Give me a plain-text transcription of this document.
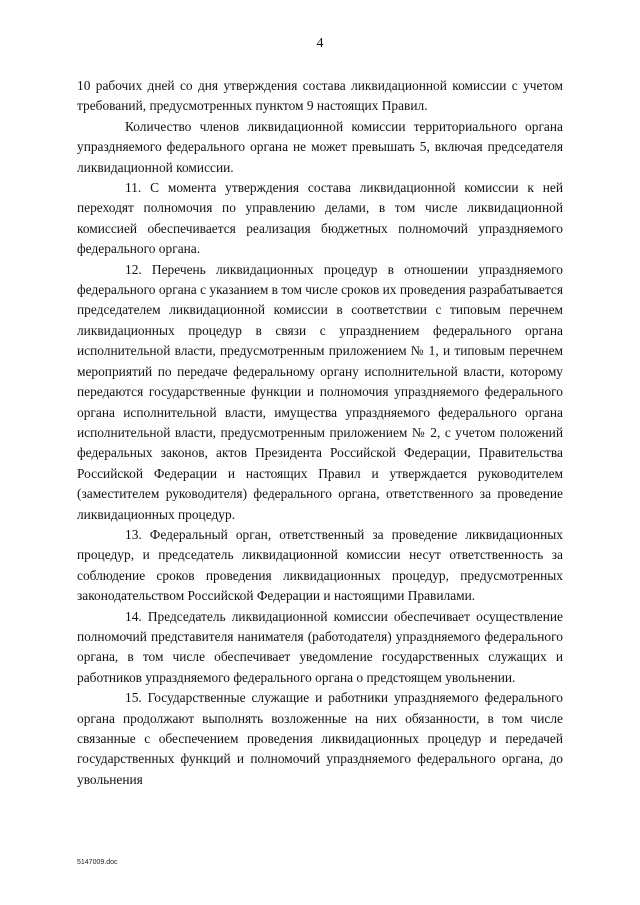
4

10 рабочих дней со дня утверждения состава ликвидационной комиссии с учетом требований, предусмотренных пунктом 9 настоящих Правил.

Количество членов ликвидационной комиссии территориального органа упраздняемого федерального органа не может превышать 5, включая председателя ликвидационной комиссии.

11. С момента утверждения состава ликвидационной комиссии к ней переходят полномочия по управлению делами, в том числе ликвидационной комиссией обеспечивается реализация бюджетных полномочий упраздняемого федерального органа.

12. Перечень ликвидационных процедур в отношении упраздняемого федерального органа с указанием в том числе сроков их проведения разрабатывается председателем ликвидационной комиссии в соответствии с типовым перечнем ликвидационных процедур в связи с упразднением федерального органа исполнительной власти, предусмотренным приложением № 1, и типовым перечнем мероприятий по передаче федеральному органу исполнительной власти, которому передаются государственные функции и полномочия упраздняемого федерального органа исполнительной власти, имущества упраздняемого федерального органа исполнительной власти, предусмотренным приложением № 2, с учетом положений федеральных законов, актов Президента Российской Федерации, Правительства Российской Федерации и настоящих Правил и утверждается руководителем (заместителем руководителя) федерального органа, ответственного за проведение ликвидационных процедур.

13. Федеральный орган, ответственный за проведение ликвидационных процедур, и председатель ликвидационной комиссии несут ответственность за соблюдение сроков проведения ликвидационных процедур, предусмотренных законодательством Российской Федерации и настоящими Правилами.

14. Председатель ликвидационной комиссии обеспечивает осуществление полномочий представителя нанимателя (работодателя) упраздняемого федерального органа, в том числе обеспечивает уведомление государственных служащих и работников упраздняемого федерального органа о предстоящем увольнении.

15. Государственные служащие и работники упраздняемого федерального органа продолжают выполнять возложенные на них обязанности, в том числе связанные с обеспечением проведения ликвидационных процедур и передачей государственных функций и полномочий упраздняемого федерального органа, до увольнения

5147009.doc
